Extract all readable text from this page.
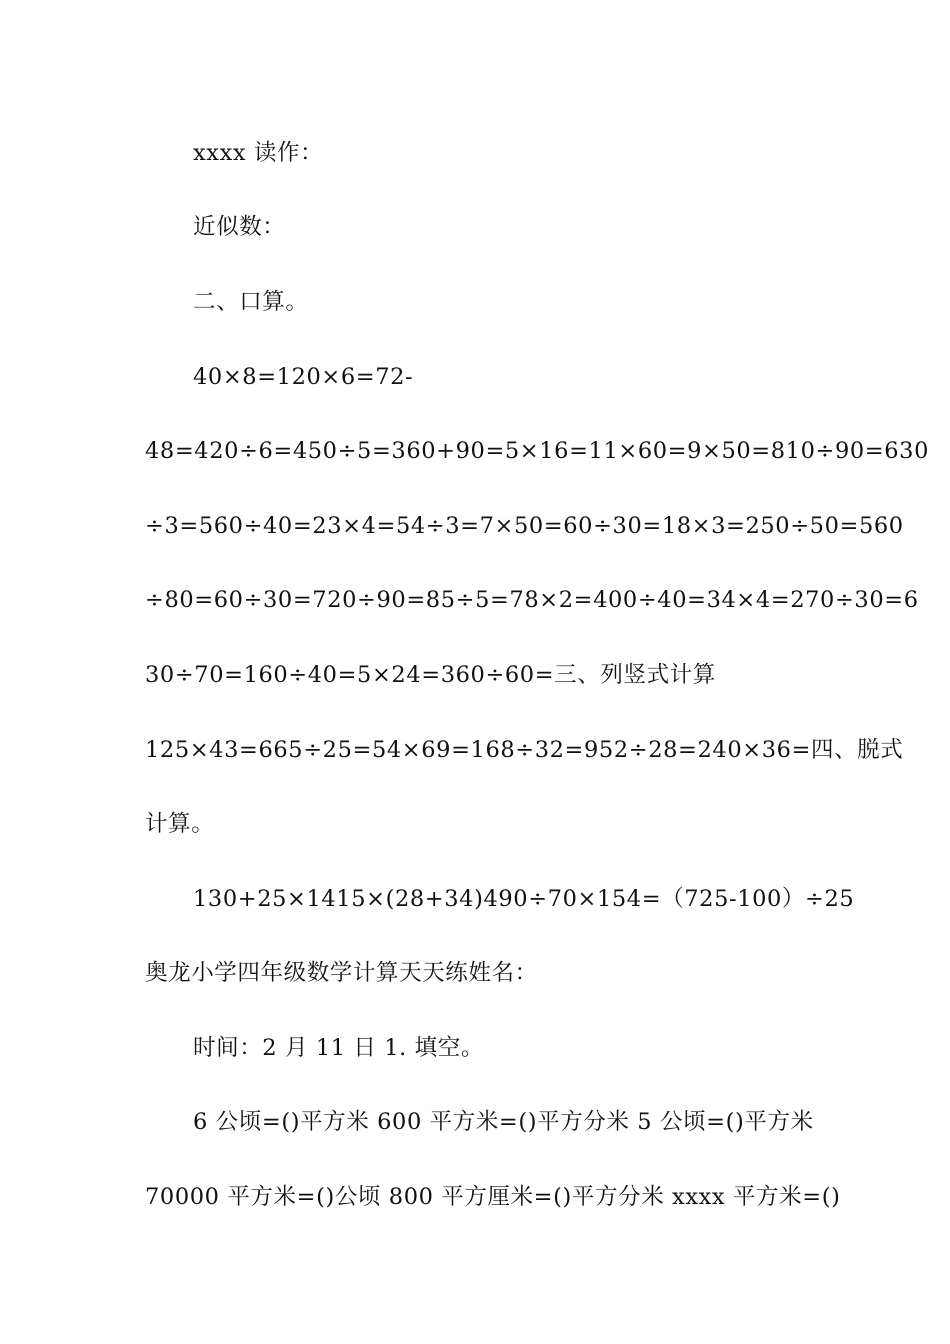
xxxx 读作：
近似数：
二、口算。
40×8=120×6=72-
48=420÷6=450÷5=360+90=5×16=11×60=9×50=810÷90=630
÷3=560÷40=23×4=54÷3=7×50=60÷30=18×3=250÷50=560
÷80=60÷30=720÷90=85÷5=78×2=400÷40=34×4=270÷30=6
30÷70=160÷40=5×24=360÷60=三、列竖式计算
125×43=665÷25=54×69=168÷32=952÷28=240×36=四、脱式
计算。
130+25×1415×(28+34)490÷70×154=（725-100）÷25
奥龙小学四年级数学计算天天练姓名：
时间：2 月 11 日 1. 填空。
6 公顷=()平方米 600 平方米=()平方分米 5 公顷=()平方米
70000 平方米=()公顷 800 平方厘米=()平方分米 xxxx 平方米=()
